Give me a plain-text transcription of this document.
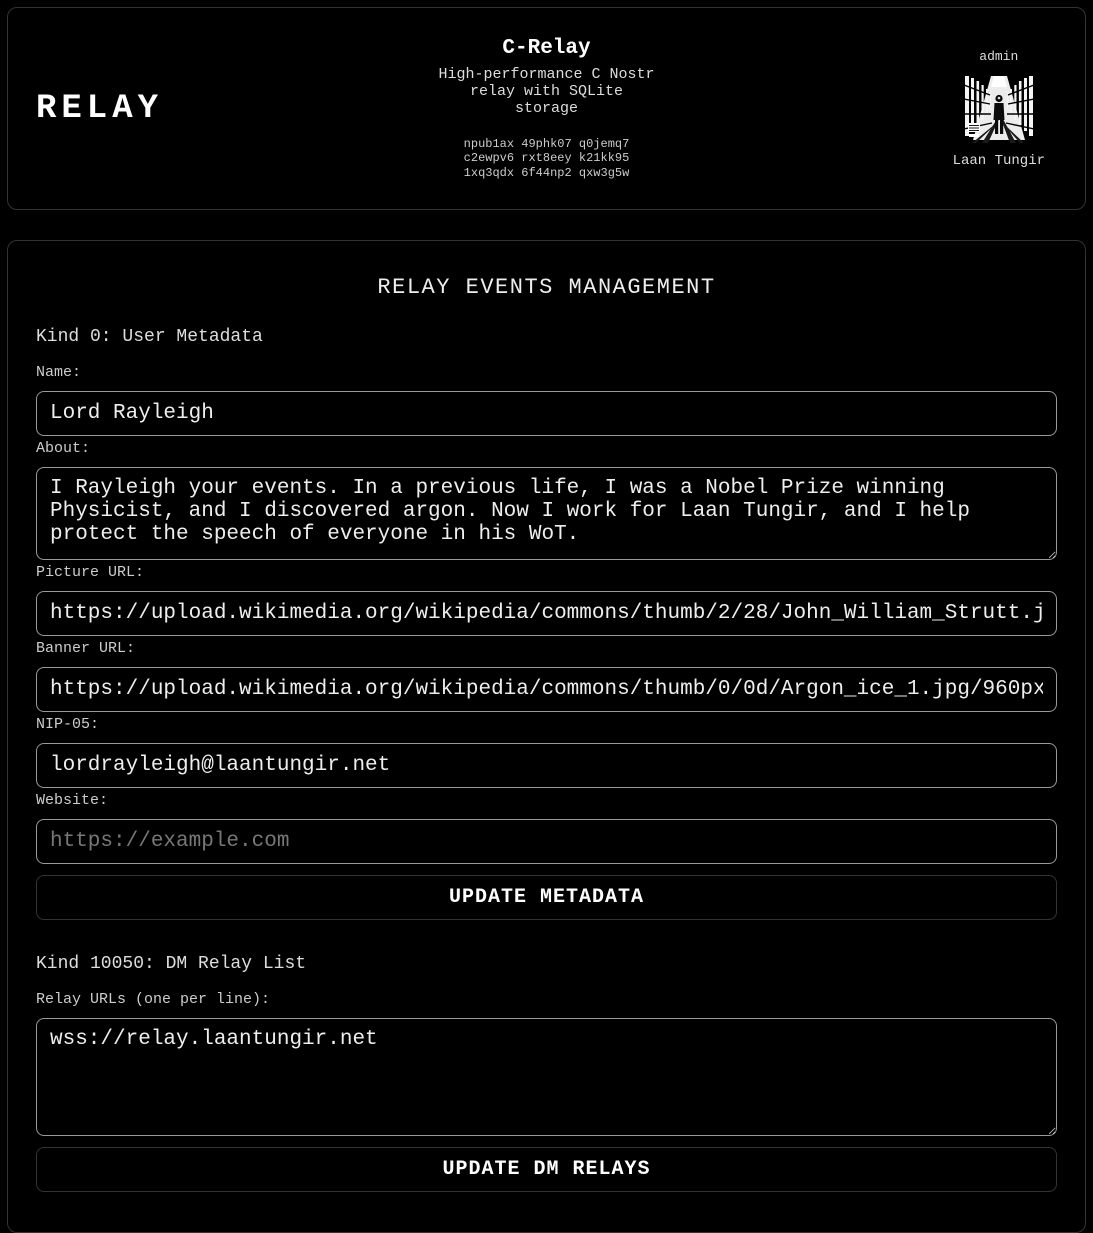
RELAY
C-Relay
High-performance C Nostr relay with SQLite storage
npub1ax 49phk07 q0jemq7
c2ewpv6 rxt8eey k21kk95
1xq3qdx 6f44np2 qxw3g5w
admin
Laan Tungir
RELAY EVENTS MANAGEMENT
Kind 0: User Metadata
Name:
Lord Rayleigh
About:
I Rayleigh your events. In a previous life, I was a Nobel Prize winning Physicist, and I discovered argon. Now I work for Laan Tungir, and I help protect the speech of everyone in his WoT.
Picture URL:
https://upload.wikimedia.org/wikipedia/commons/thumb/2/28/John_William_Strutt.jpg
Banner URL:
https://upload.wikimedia.org/wikipedia/commons/thumb/0/0d/Argon_ice_1.jpg/960px-
NIP-05:
lordrayleigh@laantungir.net
Website:
https://example.com UPDATE METADATA
Kind 10050: DM Relay List
Relay URLs (one per line):
wss://relay.laantungir.net UPDATE DM RELAYS
